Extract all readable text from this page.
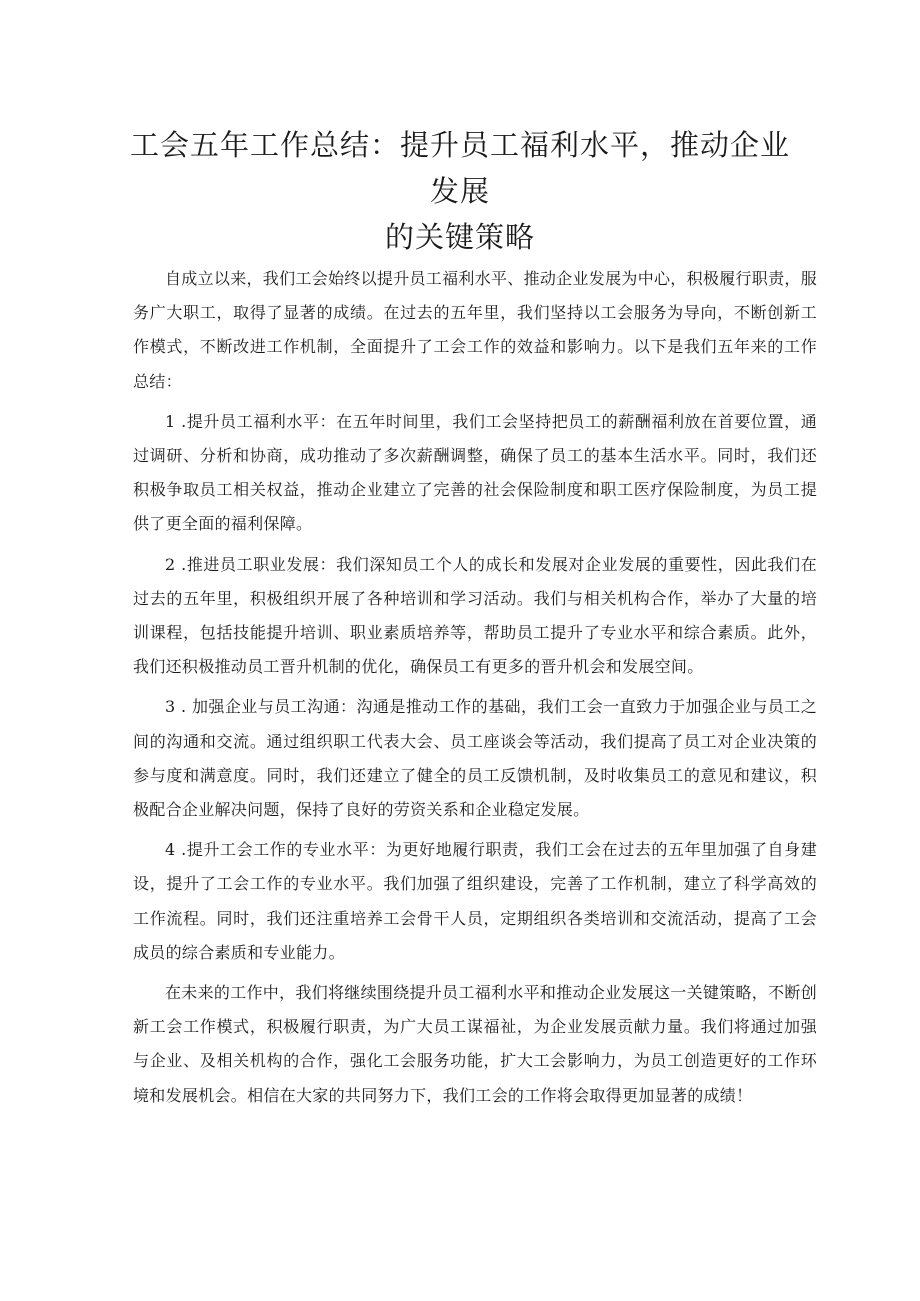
工会五年工作总结：提升员工福利水平，推动企业发展
的关键策略

自成立以来，我们工会始终以提升员工福利水平、推动企业发展为中心，积极履行职责，服务广大职工，取得了显著的成绩。在过去的五年里，我们坚持以工会服务为导向，不断创新工作模式，不断改进工作机制，全面提升了工会工作的效益和影响力。以下是我们五年来的工作总结：

1 .提升员工福利水平：在五年时间里，我们工会坚持把员工的薪酬福利放在首要位置，通过调研、分析和协商，成功推动了多次薪酬调整，确保了员工的基本生活水平。同时，我们还积极争取员工相关权益，推动企业建立了完善的社会保险制度和职工医疗保险制度，为员工提供了更全面的福利保障。

2 .推进员工职业发展：我们深知员工个人的成长和发展对企业发展的重要性，因此我们在过去的五年里，积极组织开展了各种培训和学习活动。我们与相关机构合作，举办了大量的培训课程，包括技能提升培训、职业素质培养等，帮助员工提升了专业水平和综合素质。此外，我们还积极推动员工晋升机制的优化，确保员工有更多的晋升机会和发展空间。

3 . 加强企业与员工沟通：沟通是推动工作的基础，我们工会一直致力于加强企业与员工之间的沟通和交流。通过组织职工代表大会、员工座谈会等活动，我们提高了员工对企业决策的参与度和满意度。同时，我们还建立了健全的员工反馈机制，及时收集员工的意见和建议，积极配合企业解决问题，保持了良好的劳资关系和企业稳定发展。

4 .提升工会工作的专业水平：为更好地履行职责，我们工会在过去的五年里加强了自身建设，提升了工会工作的专业水平。我们加强了组织建设，完善了工作机制，建立了科学高效的工作流程。同时，我们还注重培养工会骨干人员，定期组织各类培训和交流活动，提高了工会成员的综合素质和专业能力。

在未来的工作中，我们将继续围绕提升员工福利水平和推动企业发展这一关键策略，不断创新工会工作模式，积极履行职责，为广大员工谋福祉，为企业发展贡献力量。我们将通过加强与企业、及相关机构的合作，强化工会服务功能，扩大工会影响力，为员工创造更好的工作环境和发展机会。相信在大家的共同努力下，我们工会的工作将会取得更加显著的成绩！
